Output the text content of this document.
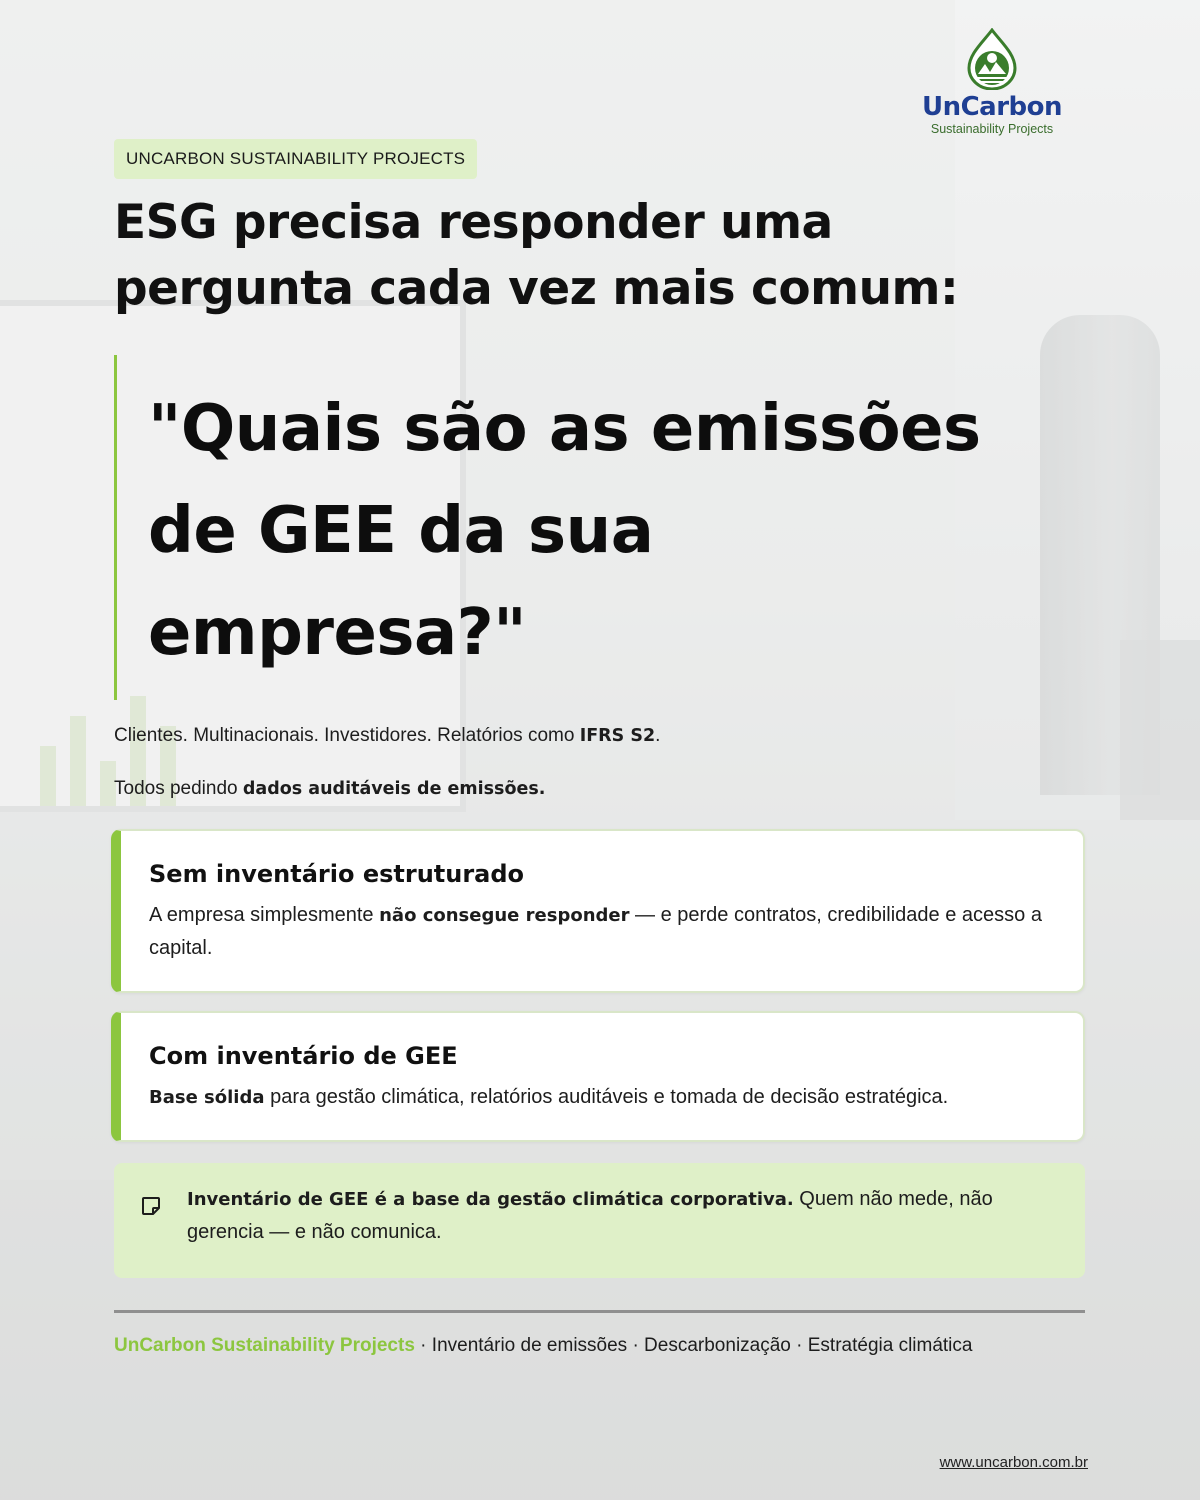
UnCarbon
Sustainability Projects
UNCARBON SUSTAINABILITY PROJECTS
ESG precisa responder uma
pergunta cada vez mais comum:
"Quais são as emissões
de GEE da sua
empresa?"

Clientes. Multinacionais. Investidores. Relatórios como IFRS S2.

Todos pedindo dados auditáveis de emissões.

Sem inventário estruturado

A empresa simplesmente não consegue responder — e perde contratos, credibilidade e acesso a capital.

Com inventário de GEE

Base sólida para gestão climática, relatórios auditáveis e tomada de decisão estratégica.

Inventário de GEE é a base da gestão climática corporativa. Quem não mede, não gerencia — e não comunica.

UnCarbon Sustainability Projects · Inventário de emissões · Descarbonização · Estratégia climática

www.uncarbon.com.br
